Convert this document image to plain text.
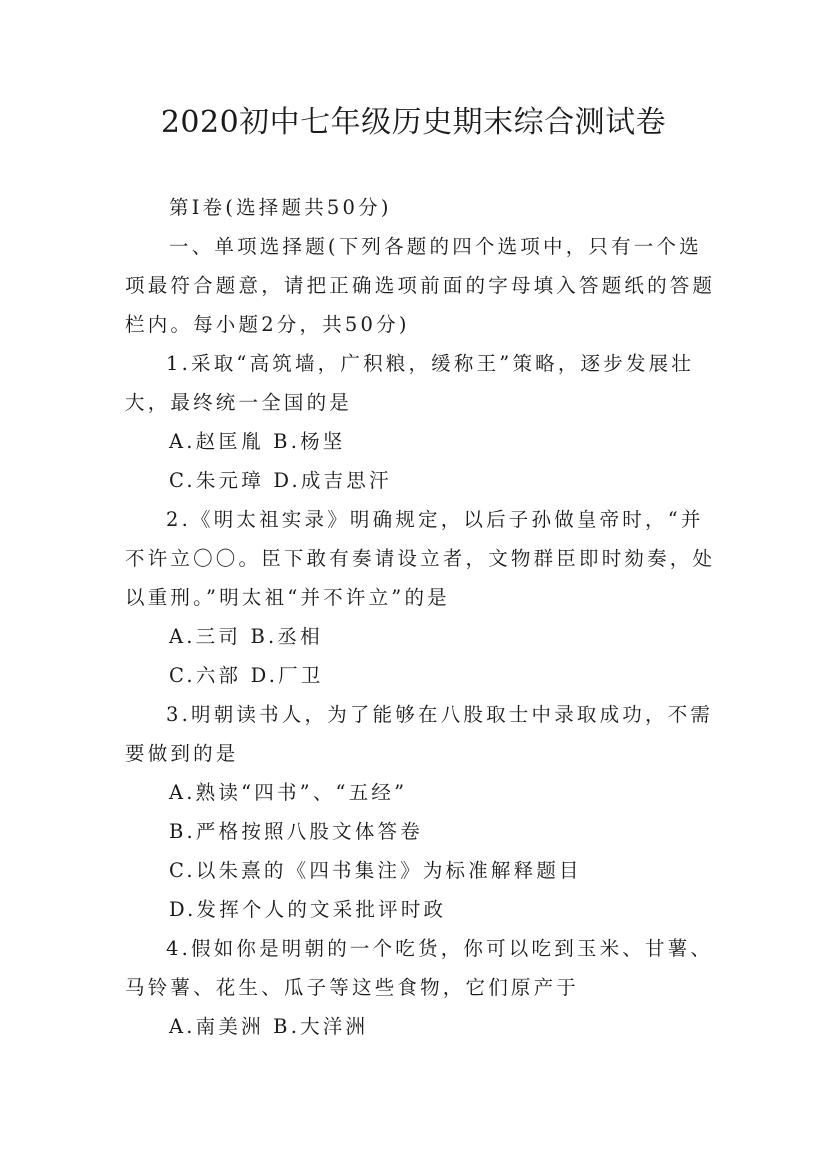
2020初中七年级历史期末综合测试卷
第Ⅰ卷(选择题共50分)
一、单项选择题(下列各题的四个选项中，只有一个选
项最符合题意，请把正确选项前面的字母填入答题纸的答题
栏内。每小题2分，共50分)
1.采取“高筑墙，广积粮，缓称王”策略，逐步发展壮
大，最终统一全国的是
A.赵匡胤 B.杨坚
C.朱元璋 D.成吉思汗
2.《明太祖实录》明确规定，以后子孙做皇帝时，“并
不许立〇〇。臣下敢有奏请设立者，文物群臣即时劾奏，处
以重刑。”明太祖“并不许立”的是
A.三司 B.丞相
C.六部 D.厂卫
3.明朝读书人，为了能够在八股取士中录取成功，不需
要做到的是
A.熟读“四书”、“五经”
B.严格按照八股文体答卷
C.以朱熹的《四书集注》为标准解释题目
D.发挥个人的文采批评时政
4.假如你是明朝的一个吃货，你可以吃到玉米、甘薯、
马铃薯、花生、瓜子等这些食物，它们原产于
A.南美洲 B.大洋洲
